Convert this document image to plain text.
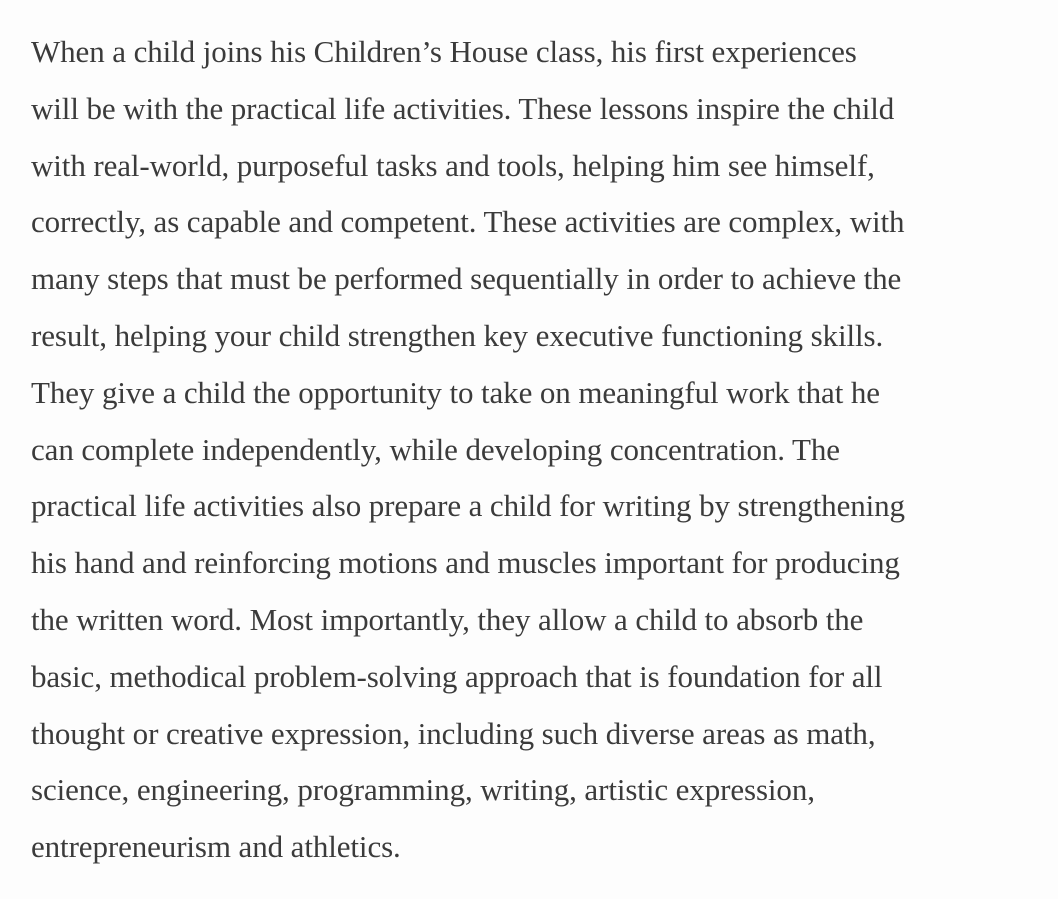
When a child joins his Children’s House class, his first experiences
will be with the practical life activities. These lessons inspire the child
with real-world, purposeful tasks and tools, helping him see himself,
correctly, as capable and competent. These activities are complex, with
many steps that must be performed sequentially in order to achieve the
result, helping your child strengthen key executive functioning skills.
They give a child the opportunity to take on meaningful work that he
can complete independently, while developing concentration. The
practical life activities also prepare a child for writing by strengthening
his hand and reinforcing motions and muscles important for producing
the written word. Most importantly, they allow a child to absorb the
basic, methodical problem-solving approach that is foundation for all
thought or creative expression, including such diverse areas as math,
science, engineering, programming, writing, artistic expression,
entrepreneurism and athletics.
